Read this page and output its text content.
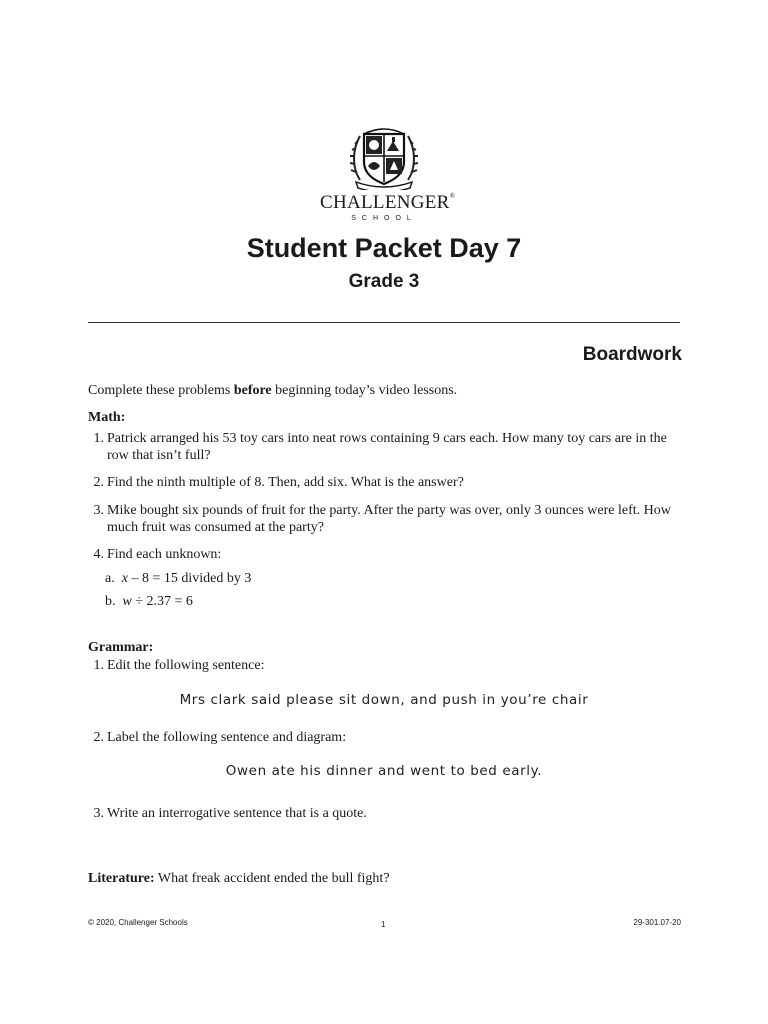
CHALLENGER®
SCHOOL
Student Packet Day 7
Grade 3
Boardwork
Complete these problems before beginning today’s video lessons.
Math:
1. Patrick arranged his 53 toy cars into neat rows containing 9 cars each. How many toy cars are in the row that isn’t full?
2. Find the ninth multiple of 8. Then, add six. What is the answer?
3. Mike bought six pounds of fruit for the party. After the party was over, only 3 ounces were left. How much fruit was consumed at the party?
4. Find each unknown:
a. x – 8 = 15 divided by 3
b. w ÷ 2.37 = 6
Grammar:
1. Edit the following sentence:
Mrs clark said please sit down, and push in you’re chair
2. Label the following sentence and diagram:
Owen ate his dinner and went to bed early.
3. Write an interrogative sentence that is a quote.
Literature: What freak accident ended the bull fight?
© 2020, Challenger Schools	1	29-301.07-20
